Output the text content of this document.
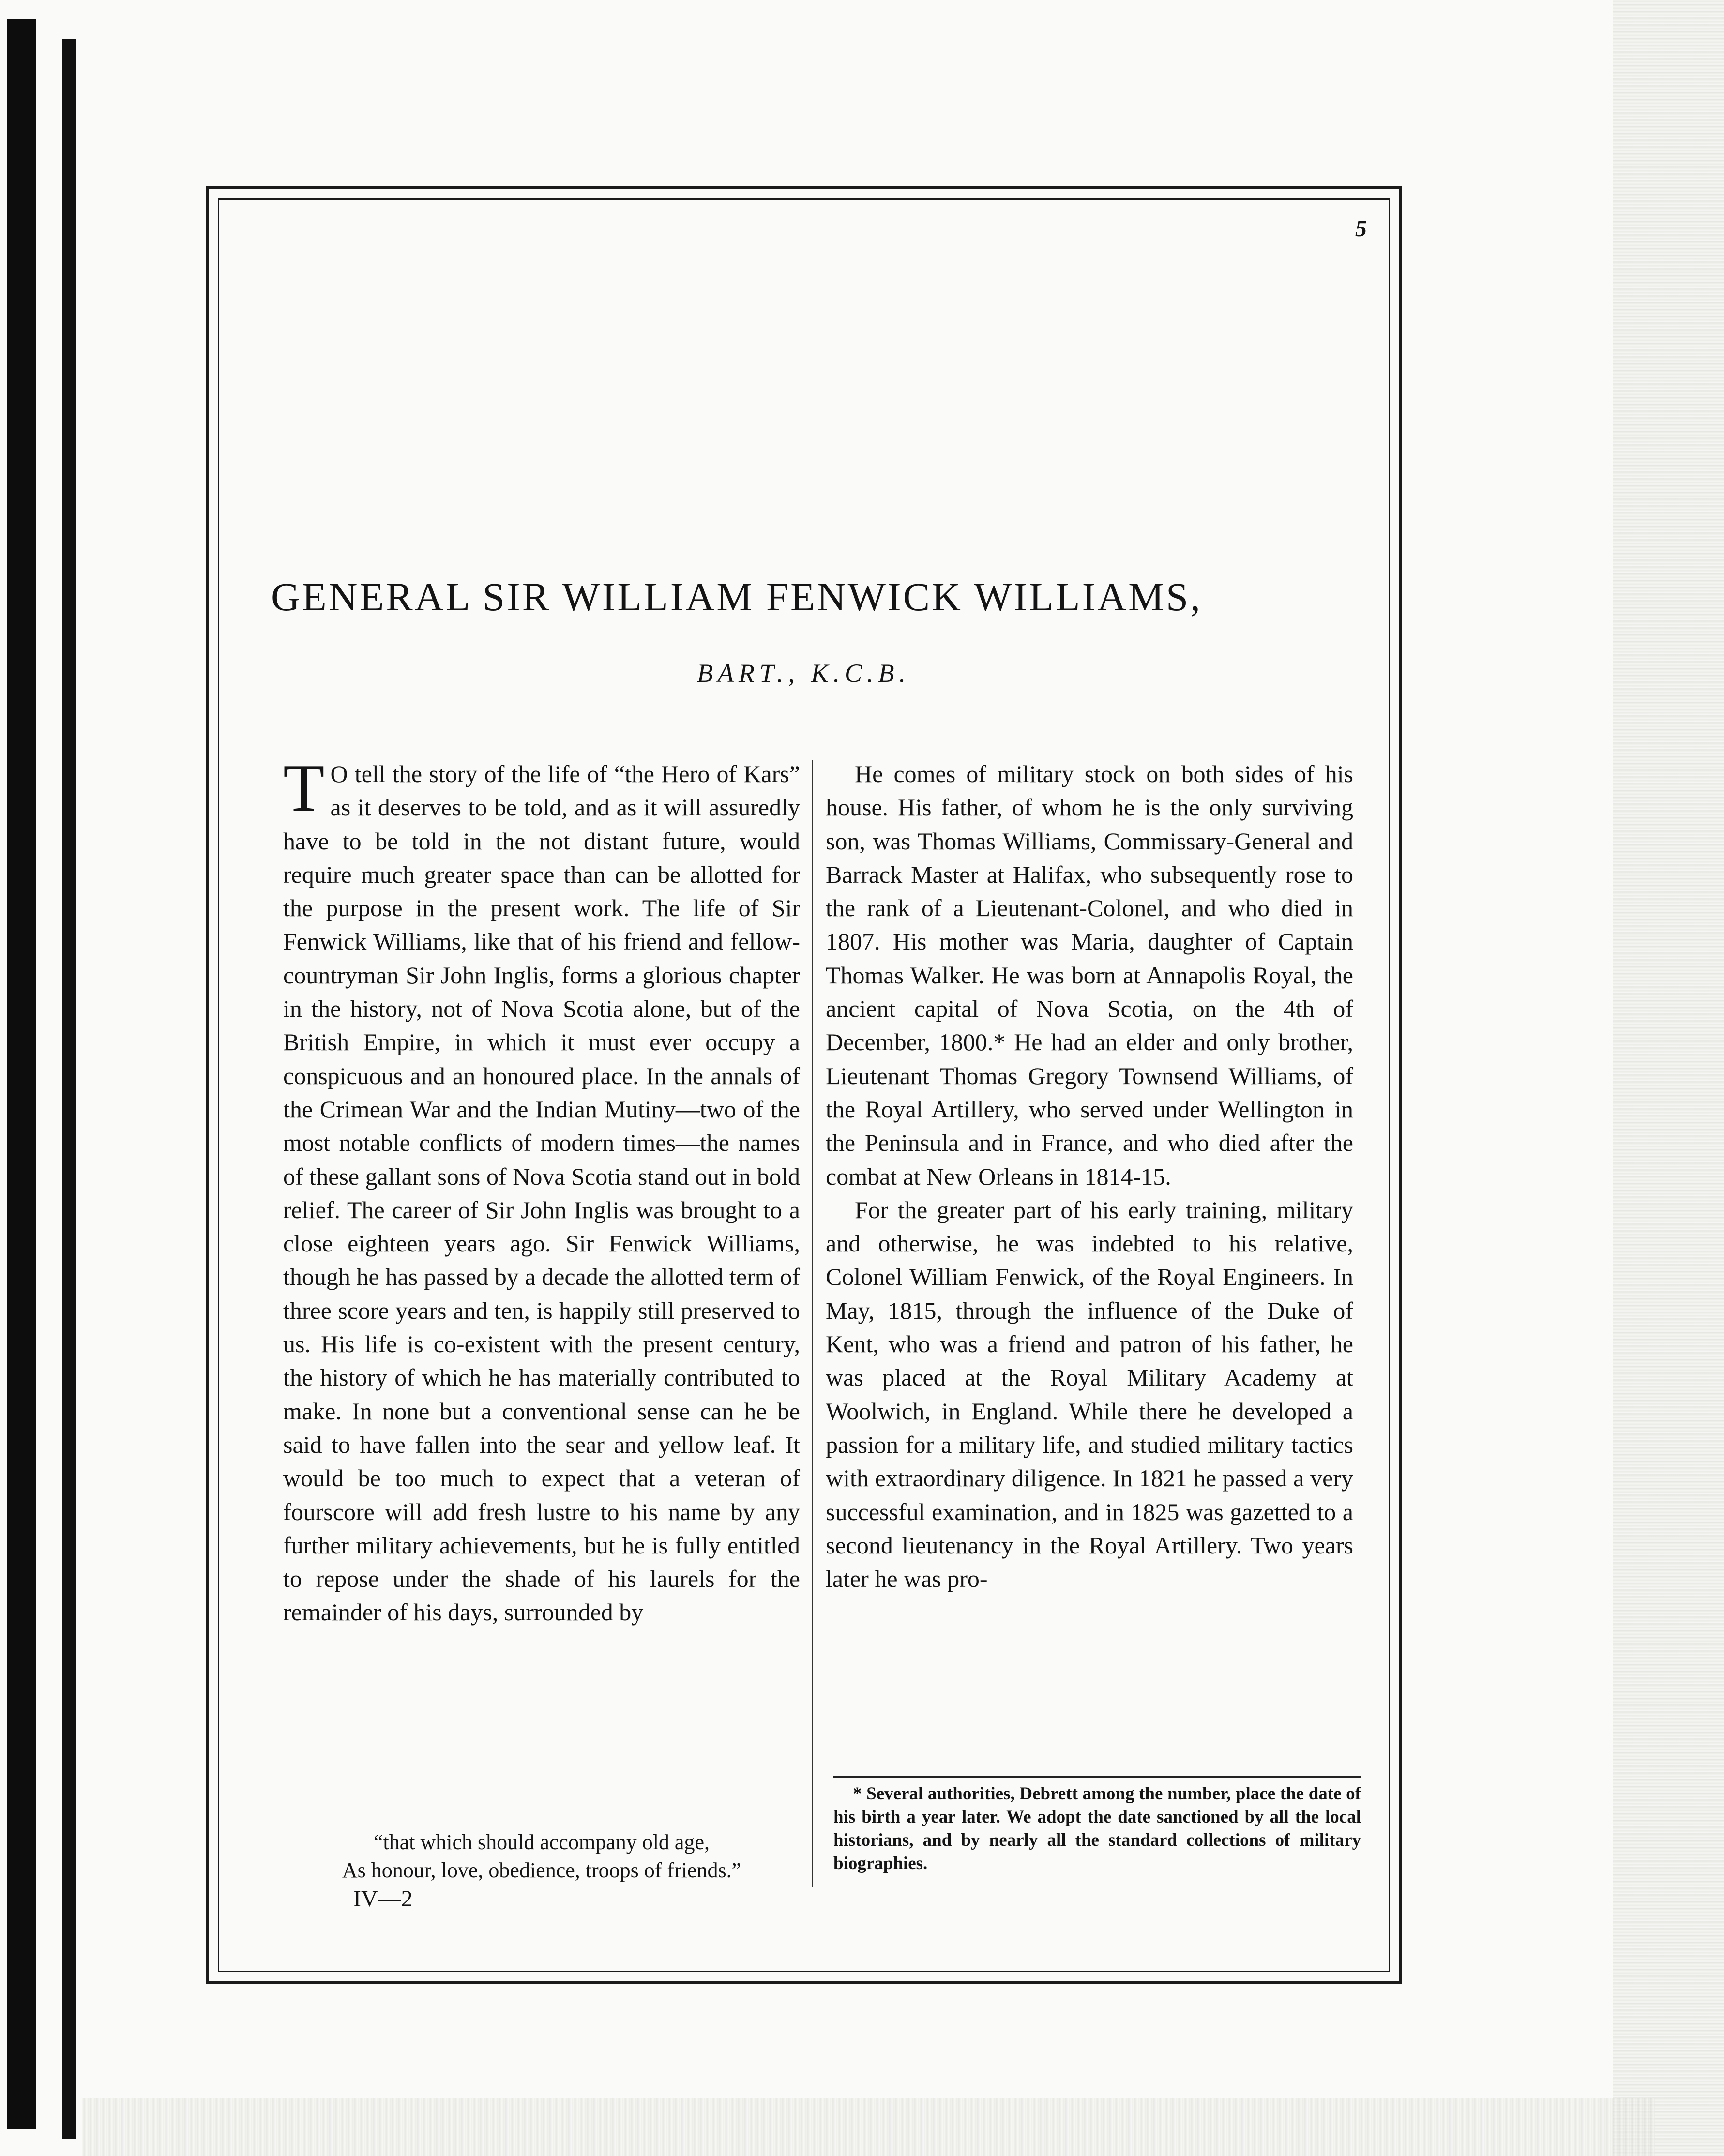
5
GENERAL SIR WILLIAM FENWICK WILLIAMS,
BART., K.C.B.

T O tell the story of the life of “the Hero of Kars” as it deserves to be told, and as it will assuredly have to be told in the not distant future, would require much greater space than can be allotted for the purpose in the present work. The life of Sir Fenwick Williams, like that of his friend and fellow-countryman Sir John Inglis, forms a glorious chapter in the history, not of Nova Scotia alone, but of the British Empire, in which it must ever occupy a conspicuous and an honoured place. In the annals of the Crimean War and the Indian Mutiny—two of the most notable conflicts of modern times—the names of these gallant sons of Nova Scotia stand out in bold relief. The career of Sir John Inglis was brought to a close eighteen years ago. Sir Fenwick Williams, though he has passed by a decade the allotted term of three score years and ten, is happily still preserved to us. His life is co-existent with the present century, the history of which he has materially contributed to make. In none but a conventional sense can he be said to have fallen into the sear and yellow leaf. It would be too much to expect that a veteran of fourscore will add fresh lustre to his name by any further military achievements, but he is fully entitled to repose under the shade of his laurels for the remainder of his days, surrounded by

“that which should accompany old age,
As honour, love, obedience, troops of friends.”
IV—2

He comes of military stock on both sides of his house. His father, of whom he is the only surviving son, was Thomas Williams, Commissary-General and Barrack Master at Halifax, who subsequently rose to the rank of a Lieutenant-Colonel, and who died in 1807. His mother was Maria, daughter of Captain Thomas Walker. He was born at Annapolis Royal, the ancient capital of Nova Scotia, on the 4th of December, 1800.* He had an elder and only brother, Lieutenant Thomas Gregory Townsend Williams, of the Royal Artillery, who served under Wellington in the Peninsula and in France, and who died after the combat at New Orleans in 1814-15.

For the greater part of his early training, military and otherwise, he was indebted to his relative, Colonel William Fenwick, of the Royal Engineers. In May, 1815, through the influence of the Duke of Kent, who was a friend and patron of his father, he was placed at the Royal Military Academy at Woolwich, in England. While there he developed a passion for a military life, and studied military tactics with extraordinary diligence. In 1821 he passed a very successful examination, and in 1825 was gazetted to a second lieutenancy in the Royal Artillery. Two years later he was pro-

* Several authorities, Debrett among the number, place the date of his birth a year later. We adopt the date sanctioned by all the local historians, and by nearly all the standard collections of military biographies.
